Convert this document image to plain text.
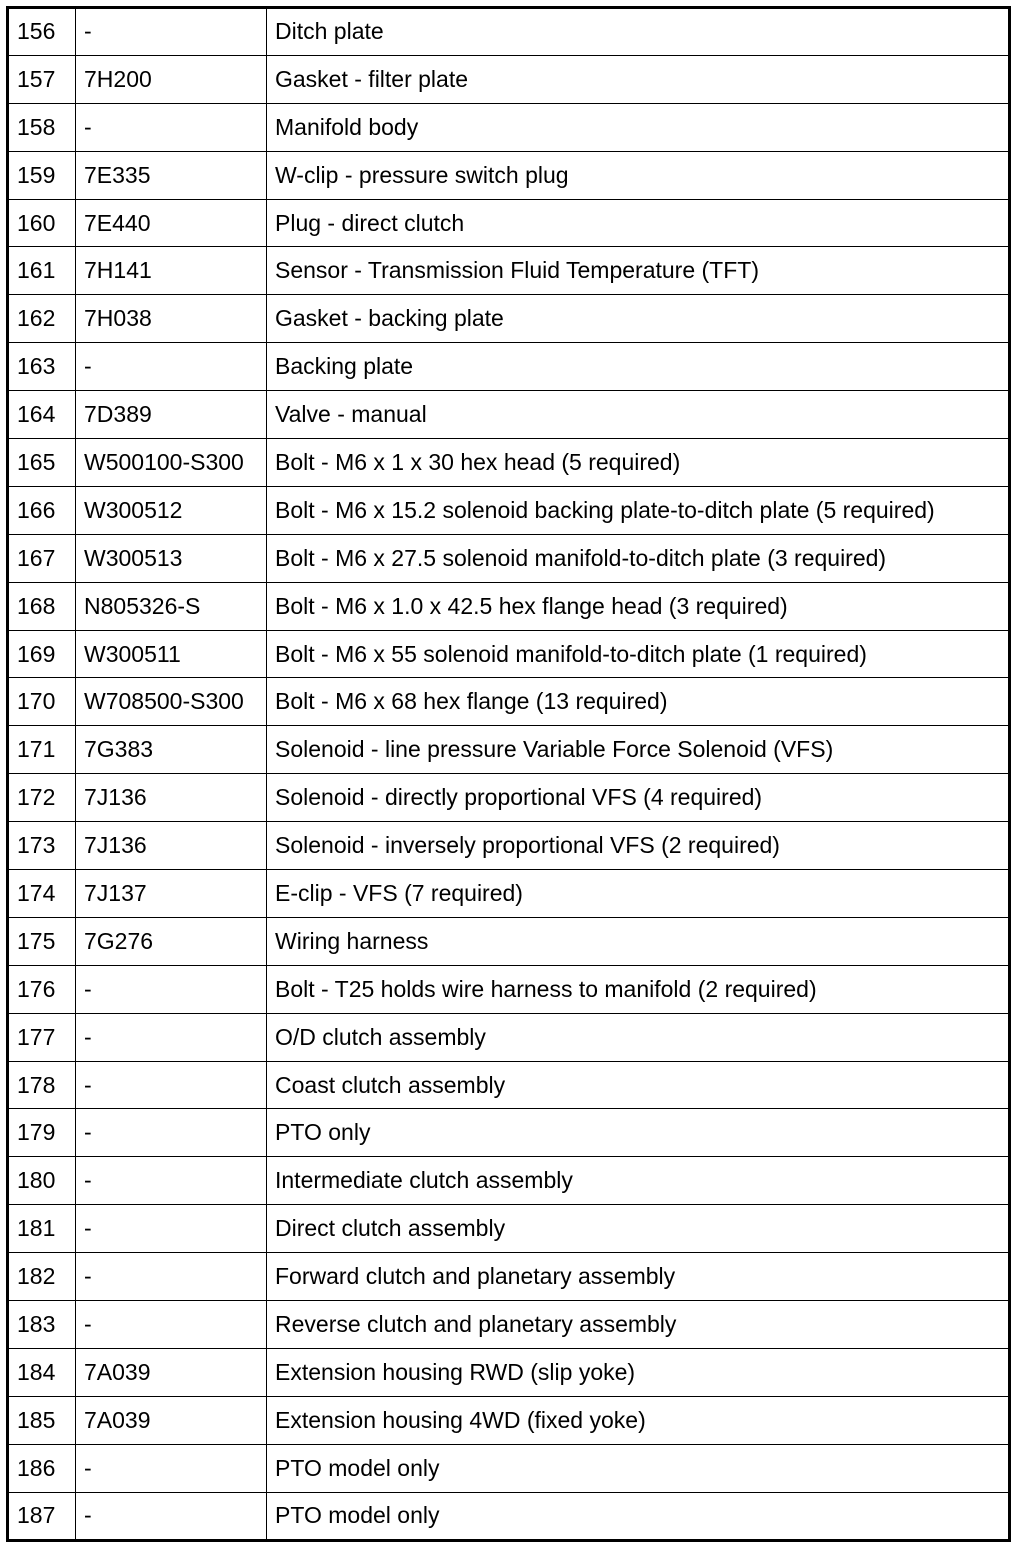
156	-	Ditch plate
157	7H200	Gasket - filter plate
158	-	Manifold body
159	7E335	W-clip - pressure switch plug
160	7E440	Plug - direct clutch
161	7H141	Sensor - Transmission Fluid Temperature (TFT)
162	7H038	Gasket - backing plate
163	-	Backing plate
164	7D389	Valve - manual
165	W500100-S300	Bolt - M6 x 1 x 30 hex head (5 required)
166	W300512	Bolt - M6 x 15.2 solenoid backing plate-to-ditch plate (5 required)
167	W300513	Bolt - M6 x 27.5 solenoid manifold-to-ditch plate (3 required)
168	N805326-S	Bolt - M6 x 1.0 x 42.5 hex flange head (3 required)
169	W300511	Bolt - M6 x 55 solenoid manifold-to-ditch plate (1 required)
170	W708500-S300	Bolt - M6 x 68 hex flange (13 required)
171	7G383	Solenoid - line pressure Variable Force Solenoid (VFS)
172	7J136	Solenoid - directly proportional VFS (4 required)
173	7J136	Solenoid - inversely proportional VFS (2 required)
174	7J137	E-clip - VFS (7 required)
175	7G276	Wiring harness
176	-	Bolt - T25 holds wire harness to manifold (2 required)
177	-	O/D clutch assembly
178	-	Coast clutch assembly
179	-	PTO only
180	-	Intermediate clutch assembly
181	-	Direct clutch assembly
182	-	Forward clutch and planetary assembly
183	-	Reverse clutch and planetary assembly
184	7A039	Extension housing RWD (slip yoke)
185	7A039	Extension housing 4WD (fixed yoke)
186	-	PTO model only
187	-	PTO model only
